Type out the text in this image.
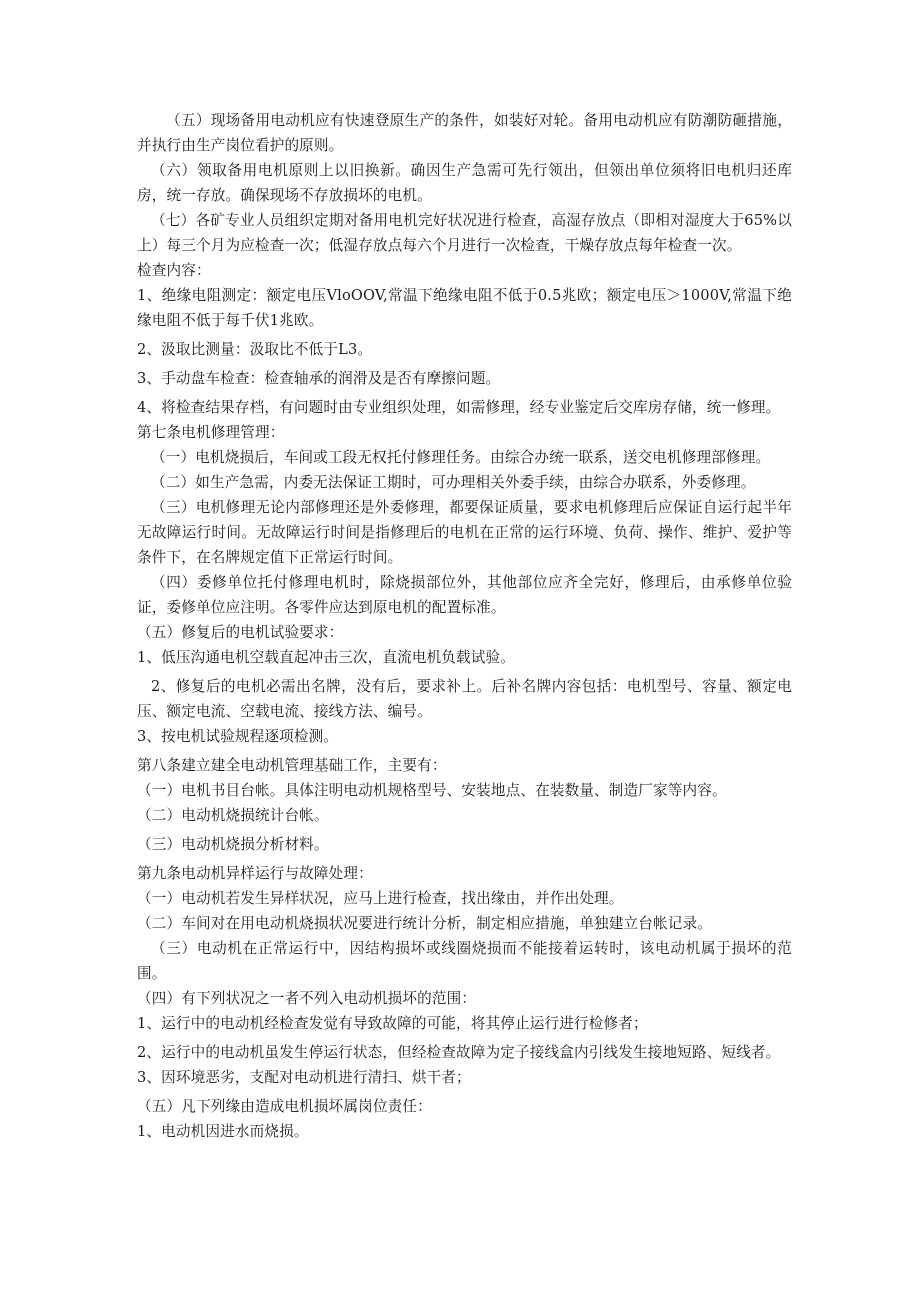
（五）现场备用电动机应有快速登原生产的条件，如装好对轮。备用电动机应有防潮防砸措施，并执行由生产岗位看护的原则。

（六）领取备用电机原则上以旧换新。确因生产急需可先行领出，但领出单位须将旧电机归还库房，统一存放。确保现场不存放损坏的电机。

（七）各矿专业人员组织定期对备用电机完好状况进行检查，高湿存放点（即相对湿度大于65%以上）每三个月为应检查一次；低湿存放点每六个月进行一次检查，干燥存放点每年检查一次。

检查内容：

1、绝缘电阻测定：额定电压VloOOV,常温下绝缘电阻不低于0.5兆欧；额定电压＞1000V,常温下绝缘电阻不低于每千伏1兆欧。

2、汲取比测量：汲取比不低于L3。

3、手动盘车检查：检查轴承的润滑及是否有摩擦问题。

4、将检查结果存档，有问题时由专业组织处理，如需修理，经专业鉴定后交库房存储，统一修理。

第七条电机修理管理：

（一）电机烧损后，车间或工段无权托付修理任务。由综合办统一联系，送交电机修理部修理。

（二）如生产急需，内委无法保证工期时，可办理相关外委手续，由综合办联系，外委修理。

（三）电机修理无论内部修理还是外委修理，都要保证质量，要求电机修理后应保证自运行起半年无故障运行时间。无故障运行时间是指修理后的电机在正常的运行环境、负荷、操作、维护、爱护等条件下，在名牌规定值下正常运行时间。

（四）委修单位托付修理电机时，除烧损部位外，其他部位应齐全完好，修理后，由承修单位验证，委修单位应注明。各零件应达到原电机的配置标准。

（五）修复后的电机试验要求：

1、低压沟通电机空载直起冲击三次，直流电机负载试验。

2、修复后的电机必需出名牌，没有后，要求补上。后补名牌内容包括：电机型号、容量、额定电压、额定电流、空载电流、接线方法、编号。

3、按电机试验规程逐项检测。

第八条建立建全电动机管理基础工作，主要有：

（一）电机书目台帐。具体注明电动机规格型号、安装地点、在装数量、制造厂家等内容。

（二）电动机烧损统计台帐。

（三）电动机烧损分析材料。

第九条电动机异样运行与故障处理：

（一）电动机若发生异样状况，应马上进行检查，找出缘由，并作出处理。

（二）车间对在用电动机烧损状况要进行统计分析，制定相应措施，单独建立台帐记录。

（三）电动机在正常运行中，因结构损坏或线圈烧损而不能接着运转时，该电动机属于损坏的范围。

（四）有下列状况之一者不列入电动机损坏的范围：

1、运行中的电动机经检查发觉有导致故障的可能，将其停止运行进行检修者；

2、运行中的电动机虽发生停运行状态，但经检查故障为定子接线盒内引线发生接地短路、短线者。

3、因环境恶劣，支配对电动机进行清扫、烘干者；

（五）凡下列缘由造成电机损坏属岗位责任：

1、电动机因进水而烧损。
